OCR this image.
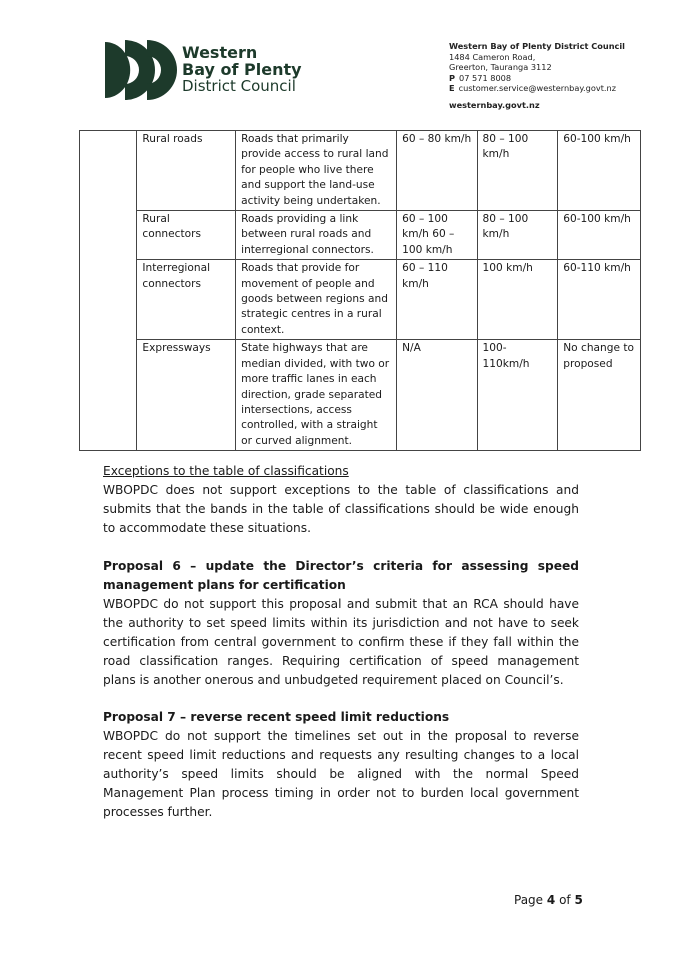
Western
Bay of Plenty
District Council
Western Bay of Plenty District Council
1484 Cameron Road,
Greerton, Tauranga 3112
P 07 571 8008
E customer.service@westernbay.govt.nz
westernbay.govt.nz
	Rural roads	Roads that primarily provide access to rural land for people who live there and support the land-use activity being undertaken.	60 – 80 km/h	80 – 100 km/h	60-100 km/h
	Rural connectors	Roads providing a link between rural roads and interregional connectors.	60 – 100 km/h 60 – 100 km/h	80 – 100 km/h	60-100 km/h
	Interregional connectors	Roads that provide for movement of people and goods between regions and strategic centres in a rural context.	60 – 110 km/h	100 km/h	60-110 km/h
	Expressways	State highways that are median divided, with two or more traffic lanes in each direction, grade separated intersections, access controlled, with a straight or curved alignment.	N/A	100-110km/h	No change to proposed

Exceptions to the table of classifications

WBOPDC does not support exceptions to the table of classifications and submits that the bands in the table of classifications should be wide enough to accommodate these situations.

Proposal 6 – update the Director’s criteria for assessing speed management plans for certification

WBOPDC do not support this proposal and submit that an RCA should have the authority to set speed limits within its jurisdiction and not have to seek certification from central government to confirm these if they fall within the road classification ranges. Requiring certification of speed management plans is another onerous and unbudgeted requirement placed on Council’s.

Proposal 7 – reverse recent speed limit reductions

WBOPDC do not support the timelines set out in the proposal to reverse recent speed limit reductions and requests any resulting changes to a local authority’s speed limits should be aligned with the normal Speed Management Plan process timing in order not to burden local government processes further.

Page 4 of 5
